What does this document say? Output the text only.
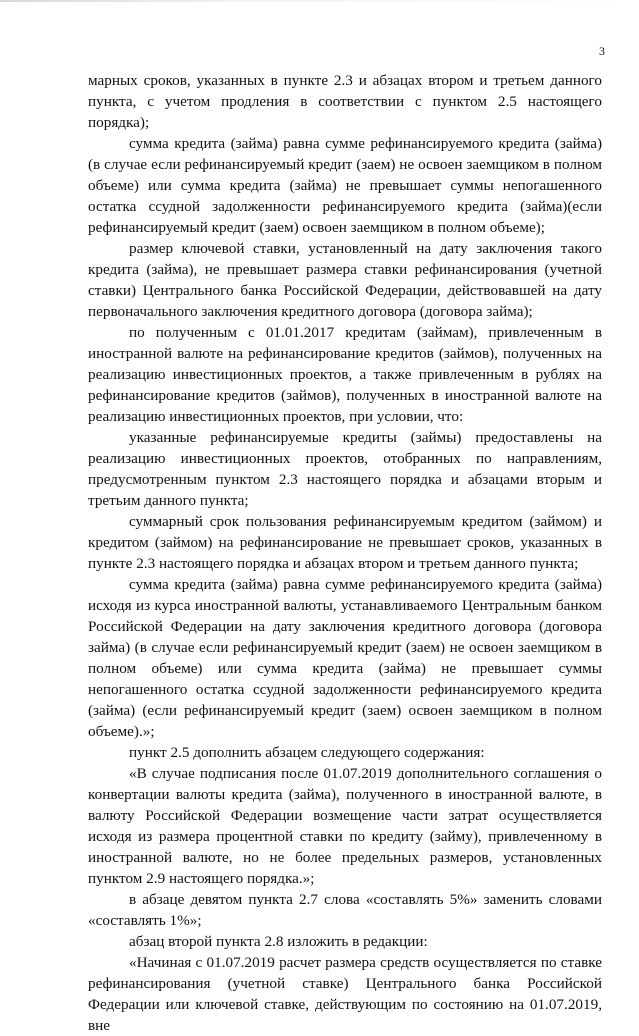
3

марных сроков, указанных в пункте 2.3 и абзацах втором и третьем данного пункта, с учетом продления в соответствии с пунктом 2.5 настоящего порядка);

сумма кредита (займа) равна сумме рефинансируемого кредита (займа) (в случае если рефинансируемый кредит (заем) не освоен заемщиком в полном объеме) или сумма кредита (займа) не превышает суммы непогашенного остатка ссудной задолженности рефинансируемого кредита (займа)(если рефинансируемый кредит (заем) освоен заемщиком в полном объеме);

размер ключевой ставки, установленный на дату заключения такого кредита (займа), не превышает размера ставки рефинансирования (учетной ставки) Центрального банка Российской Федерации, действовавшей на дату первоначального заключения кредитного договора (договора займа);

по полученным с 01.01.2017 кредитам (займам), привлеченным в иностранной валюте на рефинансирование кредитов (займов), полученных на реализацию инвестиционных проектов, а также привлеченным в рублях на рефинансирование кредитов (займов), полученных в иностранной валюте на реализацию инвестиционных проектов, при условии, что:

указанные рефинансируемые кредиты (займы) предоставлены на реализацию инвестиционных проектов, отобранных по направлениям, предусмотренным пунктом 2.3 настоящего порядка и абзацами вторым и третьим данного пункта;

суммарный срок пользования рефинансируемым кредитом (займом) и кредитом (займом) на рефинансирование не превышает сроков, указанных в пункте 2.3 настоящего порядка и абзацах втором и третьем данного пункта;

сумма кредита (займа) равна сумме рефинансируемого кредита (займа) исходя из курса иностранной валюты, устанавливаемого Центральным банком Российской Федерации на дату заключения кредитного договора (договора займа) (в случае если рефинансируемый кредит (заем) не освоен заемщиком в полном объеме) или сумма кредита (займа) не превышает суммы непогашенного остатка ссудной задолженности рефинансируемого кредита (займа) (если рефинансируемый кредит (заем) освоен заемщиком в полном объеме).»;

пункт 2.5 дополнить абзацем следующего содержания:

«В случае подписания после 01.07.2019 дополнительного соглашения о конвертации валюты кредита (займа), полученного в иностранной валюте, в валюту Российской Федерации возмещение части затрат осуществляется исходя из размера процентной ставки по кредиту (займу), привлеченному в иностранной валюте, но не более предельных размеров, установленных пунктом 2.9 настоящего порядка.»;

в абзаце девятом пункта 2.7 слова «составлять 5%» заменить словами «составлять 1%»;

абзац второй пункта 2.8 изложить в редакции:

«Начиная с 01.07.2019 расчет размера средств осуществляется по ставке рефинансирования (учетной ставке) Центрального банка Российской Федерации или ключевой ставке, действующим по состоянию на 01.07.2019, вне
